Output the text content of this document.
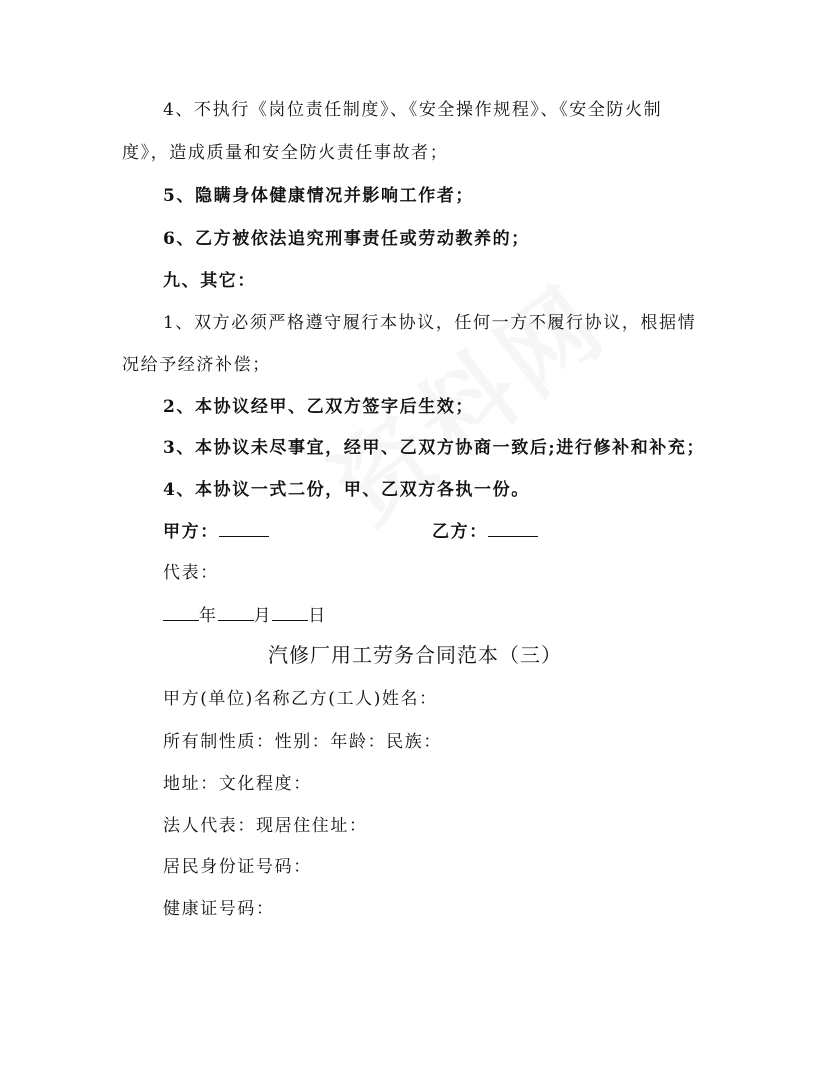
4、不执行《岗位责任制度》、《安全操作规程》、《安全防火制
度》，造成质量和安全防火责任事故者；
5、隐瞒身体健康情况并影响工作者；
6、乙方被依法追究刑事责任或劳动教养的；
九、其它：
1、双方必须严格遵守履行本协议，任何一方不履行协议，根据情
况给予经济补偿；
2、本协议经甲、乙双方签字后生效；
3、本协议未尽事宜，经甲、乙双方协商一致后;进行修补和补充；
4、本协议一式二份，甲、乙双方各执一份。
甲方：	乙方：
代表：
年 月 日
汽修厂用工劳务合同范本（三）
甲方(单位)名称乙方(工人)姓名：
所有制性质：性别：年龄：民族：
地址：文化程度：
法人代表：现居住住址：
居民身份证号码：
健康证号码：
